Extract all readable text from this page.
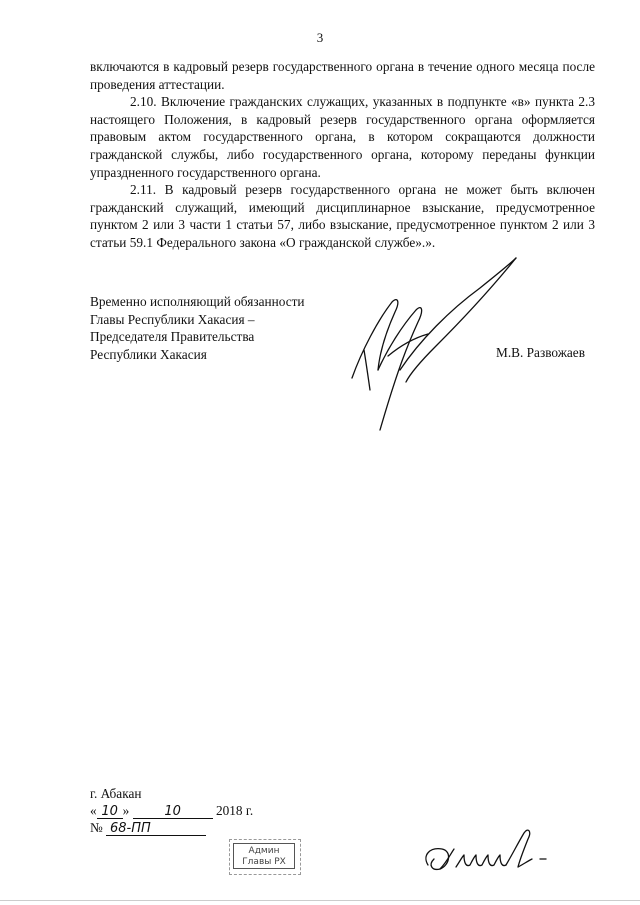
3

включаются в кадровый резерв государственного органа в течение одного месяца после проведения аттестации.

2.10. Включение гражданских служащих, указанных в подпункте «в» пункта 2.3 настоящего Положения, в кадровый резерв государственного органа оформляется правовым актом государственного органа, в котором сокращаются должности гражданской службы, либо государственного органа, которому переданы функции упраздненного государственного органа.

2.11. В кадровый резерв государственного органа не может быть включен гражданский служащий, имеющий дисциплинарное взыскание, предусмотренное пунктом 2 или 3 части 1 статьи 57, либо взыскание, предусмотренное пунктом 2 или 3 статьи 59.1 Федерального закона «О гражданской службе».».

Временно исполняющий обязанности
Главы Республики Хакасия –
Председателя Правительства
Республики Хакасия	М.В. Развожаев
г. Абакан
« 10 »	10	2018 г.
№ 68-ПП
Админ
Главы РХ
